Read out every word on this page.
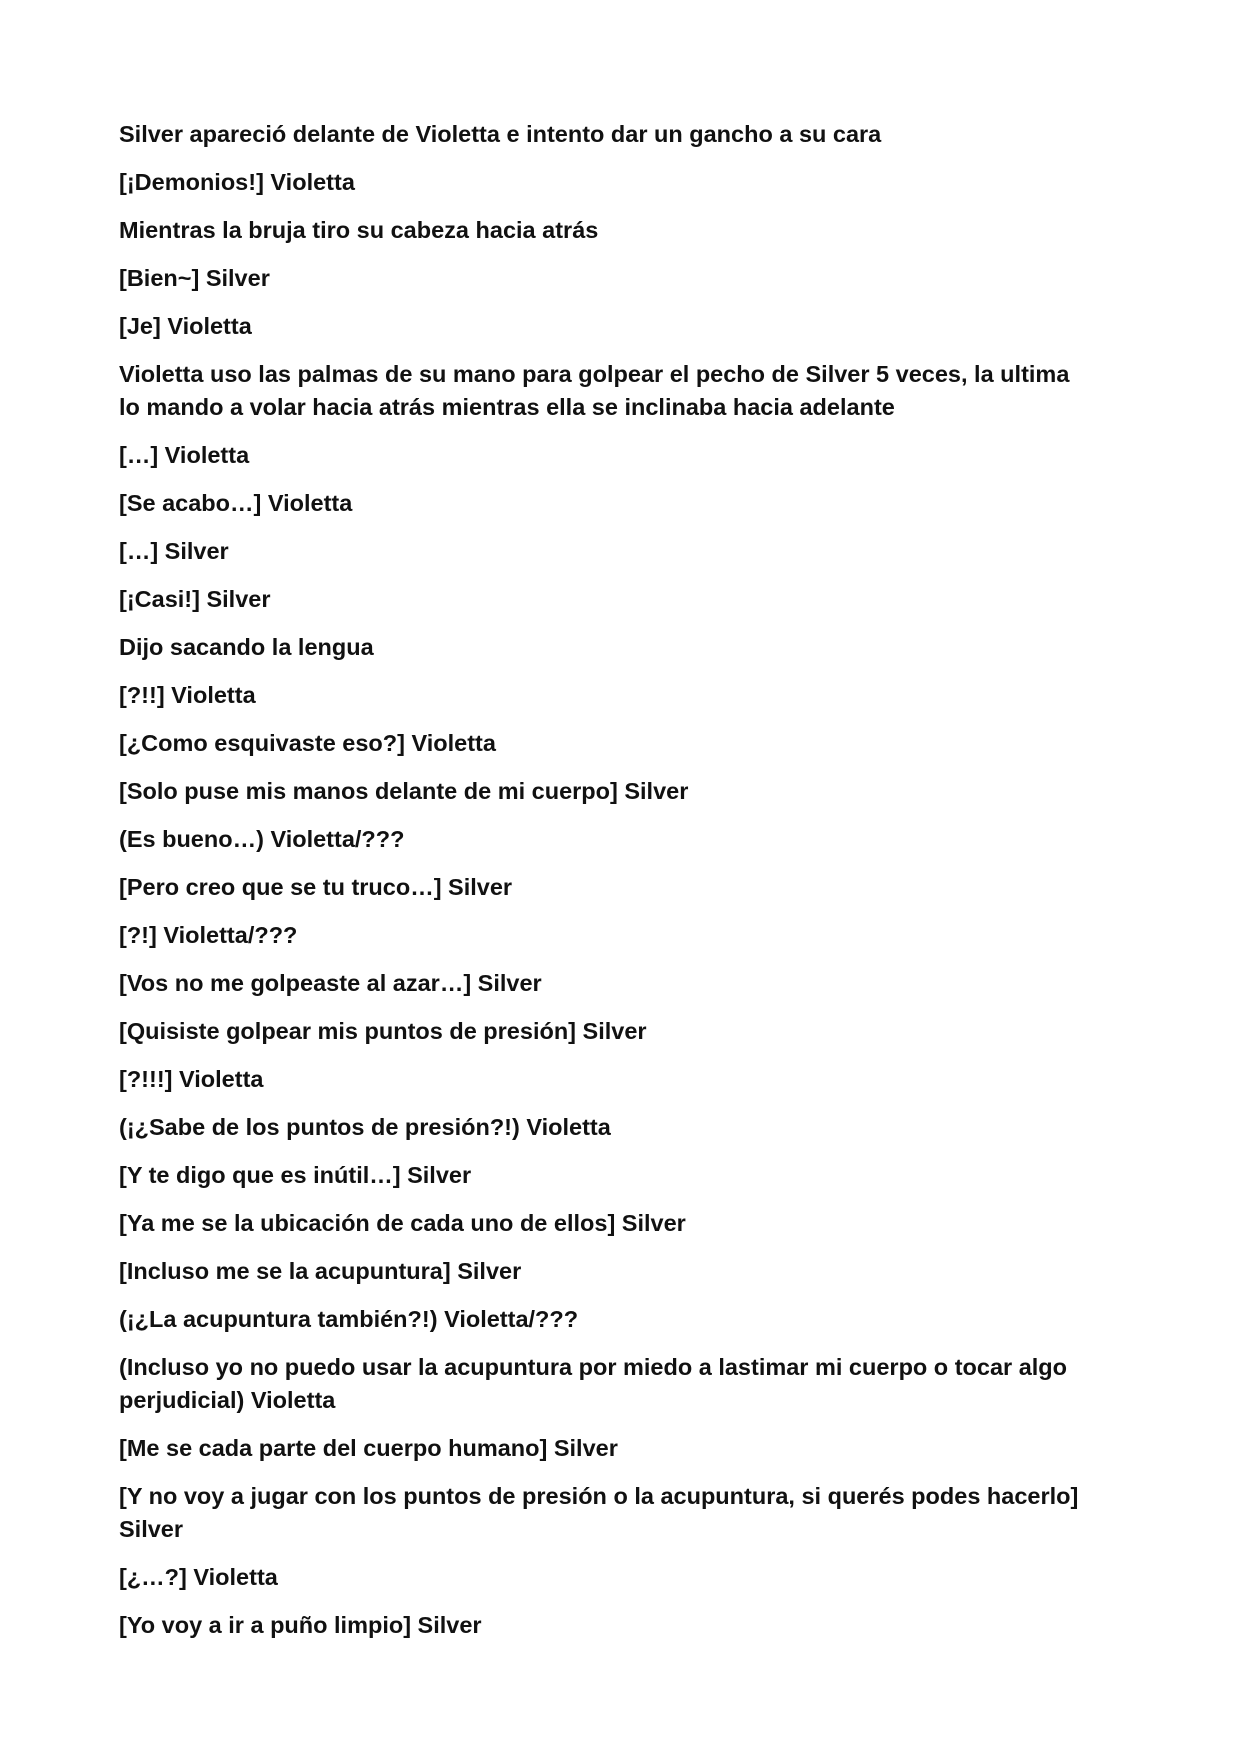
Silver apareció delante de Violetta e intento dar un gancho a su cara

[¡Demonios!] Violetta

Mientras la bruja tiro su cabeza hacia atrás

[Bien~] Silver

[Je] Violetta

Violetta uso las palmas de su mano para golpear el pecho de Silver 5 veces, la ultima lo mando a volar hacia atrás mientras ella se inclinaba hacia adelante

[…] Violetta

[Se acabo…] Violetta

[…] Silver

[¡Casi!] Silver

Dijo sacando la lengua

[?!!] Violetta

[¿Como esquivaste eso?] Violetta

[Solo puse mis manos delante de mi cuerpo] Silver

(Es bueno…) Violetta/???

[Pero creo que se tu truco…] Silver

[?!] Violetta/???

[Vos no me golpeaste al azar…] Silver

[Quisiste golpear mis puntos de presión] Silver

[?!!!] Violetta

(¡¿Sabe de los puntos de presión?!) Violetta

[Y te digo que es inútil…] Silver

[Ya me se la ubicación de cada uno de ellos] Silver

[Incluso me se la acupuntura] Silver

(¡¿La acupuntura también?!) Violetta/???

(Incluso yo no puedo usar la acupuntura por miedo a lastimar mi cuerpo o tocar algo perjudicial) Violetta

[Me se cada parte del cuerpo humano] Silver

[Y no voy a jugar con los puntos de presión o la acupuntura, si querés podes hacerlo] Silver

[¿…?] Violetta

[Yo voy a ir a puño limpio] Silver
